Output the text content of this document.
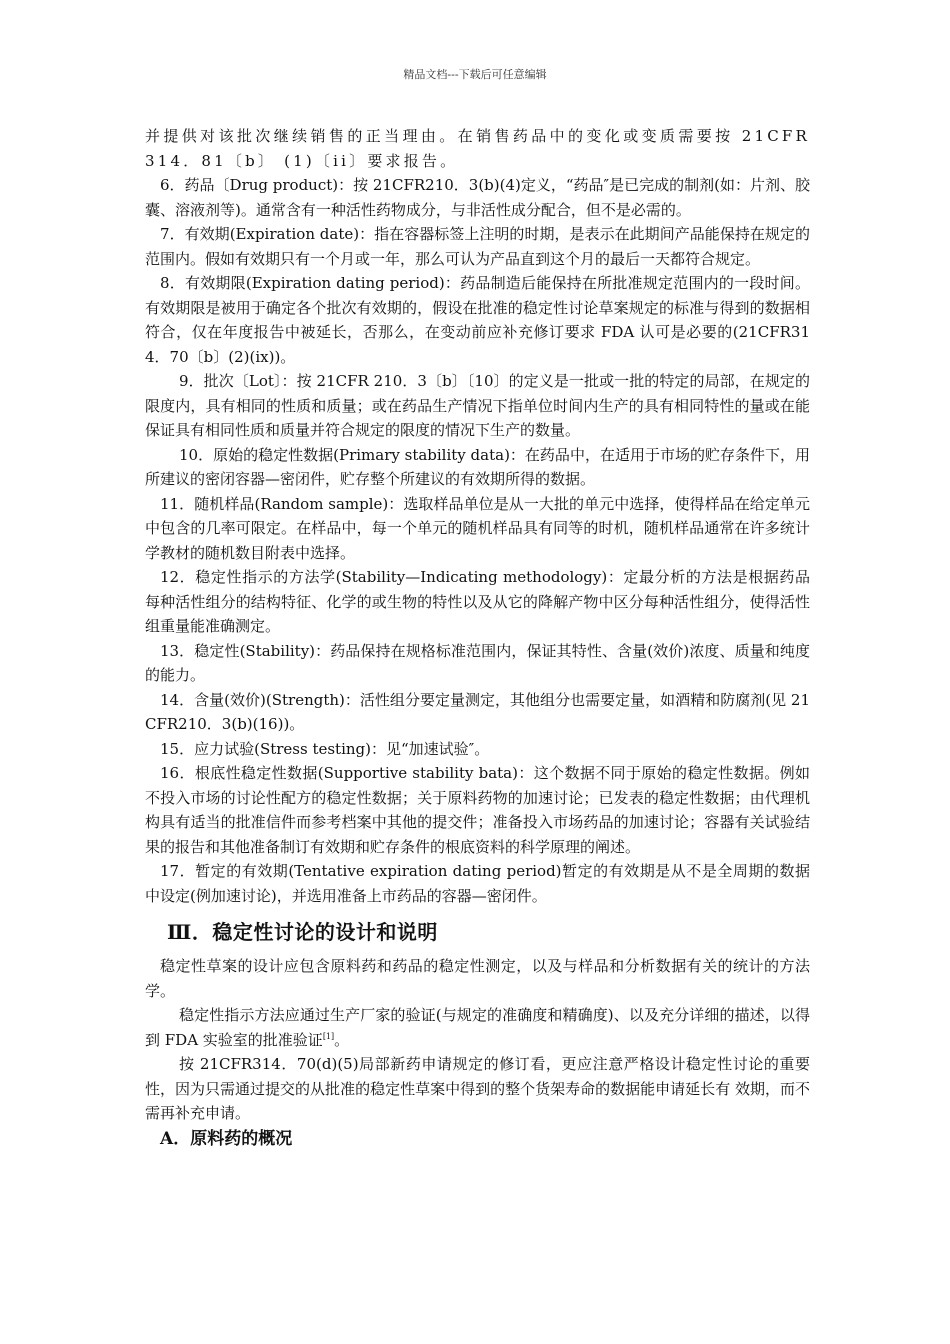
精品文档---下载后可任意编辑

并提供对该批次继续销售的正当理由。在销售药品中的变化或变质需要按 21CFR314．81〔b〕 (1)〔ii〕要求报告。

6．药品〔Drug product)：按 21CFR210．3(b)(4)定义，“药品″是已完成的制剂(如：片剂、胶囊、溶液剂等)。通常含有一种活性药物成分，与非活性成分配合，但不是必需的。

7．有效期(Expiration date)：指在容器标签上注明的时期，是表示在此期间产品能保持在规定的范围内。假如有效期只有一个月或一年，那么可认为产品直到这个月的最后一天都符合规定。

8．有效期限(Expiration dating period)：药品制造后能保持在所批准规定范围内的一段时间。有效期限是被用于确定各个批次有效期的，假设在批准的稳定性讨论草案规定的标准与得到的数据相符合，仅在年度报告中被延长，否那么，在变动前应补充修订要求 FDA 认可是必要的(21CFR314．70〔b〕(2)(ix))。

9．批次〔Lot〕：按 21CFR 210．3〔b〕〔10〕的定义是一批或一批的特定的局部，在规定的限度内，具有相同的性质和质量；或在药品生产情况下指单位时间内生产的具有相同特性的量或在能保证具有相同性质和质量并符合规定的限度的情况下生产的数量。

10．原始的稳定性数据(Primary stability data)：在药品中，在适用于市场的贮存条件下，用所建议的密闭容器—密闭件，贮存整个所建议的有效期所得的数据。

11．随机样品(Random sample)：选取样品单位是从一大批的单元中选择，使得样品在给定单元中包含的几率可限定。在样品中，每一个单元的随机样品具有同等的时机，随机样品通常在许多统计学教材的随机数目附表中选择。

12．稳定性指示的方法学(Stability—Indicating methodology)：定最分析的方法是根据药品每种活性组分的结构特征、化学的或生物的特性以及从它的降解产物中区分每种活性组分，使得活性组重量能准确测定。

13．稳定性(Stability)：药品保持在规格标准范围内，保证其特性、含量(效价)浓度、质量和纯度的能力。

14．含量(效价)(Strength)：活性组分要定量测定，其他组分也需要定量，如酒精和防腐剂(见 21CFR210．3(b)(16))。

15．应力试验(Stress testing)：见“加速试验″。

16．根底性稳定性数据(Supportive stability bata)：这个数据不同于原始的稳定性数据。例如不投入市场的讨论性配方的稳定性数据；关于原料药物的加速讨论；已发表的稳定性数据；由代理机构具有适当的批准信件而参考档案中其他的提交件；准备投入市场药品的加速讨论；容器有关试验结果的报告和其他准备制订有效期和贮存条件的根底资料的科学原理的阐述。

17．暂定的有效期(Tentative expiration dating period)暂定的有效期是从不是全周期的数据中设定(例加速讨论)，并选用准备上市药品的容器—密闭件。

Ⅲ．稳定性讨论的设计和说明

稳定性草案的设计应包含原料药和药品的稳定性测定，以及与样品和分析数据有关的统计的方法学。

稳定性指示方法应通过生产厂家的验证(与规定的准确度和精确度)、以及充分详细的描述，以得到 FDA 实验室的批准验证[1]。

按 21CFR314．70(d)(5)局部新药申请规定的修订看，更应注意严格设计稳定性讨论的重要性，因为只需通过提交的从批准的稳定性草案中得到的整个货架寿命的数据能申请延长有 效期，而不需再补充申请。

A．原料药的概况
